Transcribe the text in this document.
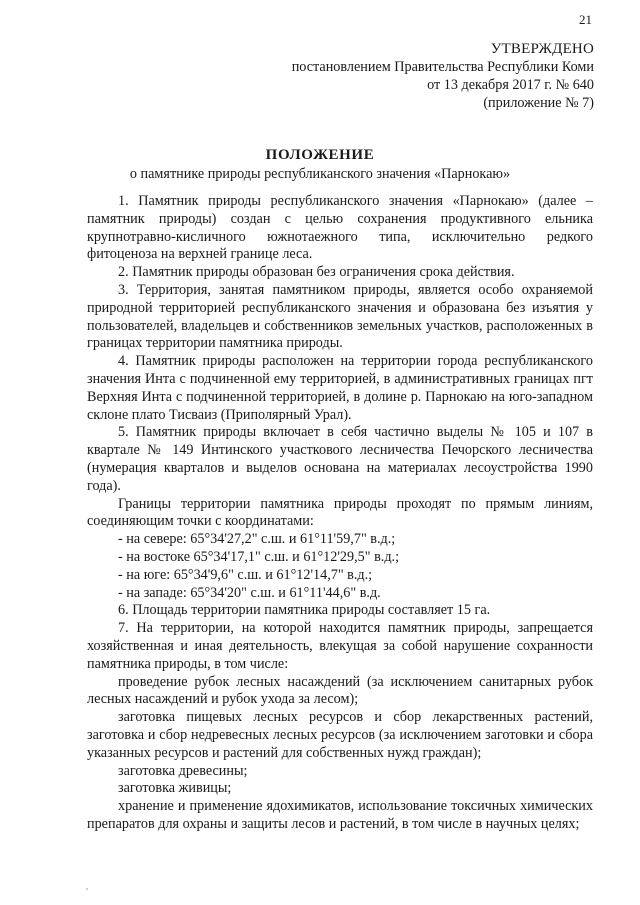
21
УТВЕРЖДЕНО
постановлением Правительства Республики Коми
от 13 декабря 2017 г. № 640
(приложение № 7)
ПОЛОЖЕНИЕ
о памятнике природы республиканского значения «Парнокаю»

1. Памятник природы республиканского значения «Парнокаю» (далее – памятник природы) создан с целью сохранения продуктивного ельника крупнотравно-кисличного южнотаежного типа, исключительно редкого фитоценоза на верхней границе леса.

2. Памятник природы образован без ограничения срока действия.

3. Территория, занятая памятником природы, является особо охраняемой природной территорией республиканского значения и образована без изъятия у пользователей, владельцев и собственников земельных участков, расположенных в границах территории памятника природы.

4. Памятник природы расположен на территории города республиканского значения Инта с подчиненной ему территорией, в административных границах пгт Верхняя Инта с подчиненной территорией, в долине р. Парнокаю на юго-западном склоне плато Тисваиз (Приполярный Урал).

5. Памятник природы включает в себя частично выделы № 105 и 107 в квартале № 149 Интинского участкового лесничества Печорского лесничества (нумерация кварталов и выделов основана на материалах лесоустройства 1990 года).

Границы территории памятника природы проходят по прямым линиям, соединяющим точки с координатами:

- на севере: 65°34'27,2" с.ш. и 61°11'59,7" в.д.;

- на востоке 65°34'17,1" с.ш. и 61°12'29,5" в.д.;

- на юге: 65°34'9,6" с.ш. и 61°12'14,7" в.д.;

- на западе: 65°34'20" с.ш. и 61°11'44,6" в.д.

6. Площадь территории памятника природы составляет 15 га.

7. На территории, на которой находится памятник природы, запрещается хозяйственная и иная деятельность, влекущая за собой нарушение сохранности памятника природы, в том числе:

проведение рубок лесных насаждений (за исключением санитарных рубок лесных насаждений и рубок ухода за лесом);

заготовка пищевых лесных ресурсов и сбор лекарственных растений, заготовка и сбор недревесных лесных ресурсов (за исключением заготовки и сбора указанных ресурсов и растений для собственных нужд граждан);

заготовка древесины;

заготовка живицы;

хранение и применение ядохимикатов, использование токсичных химических препаратов для охраны и защиты лесов и растений, в том числе в научных целях;
